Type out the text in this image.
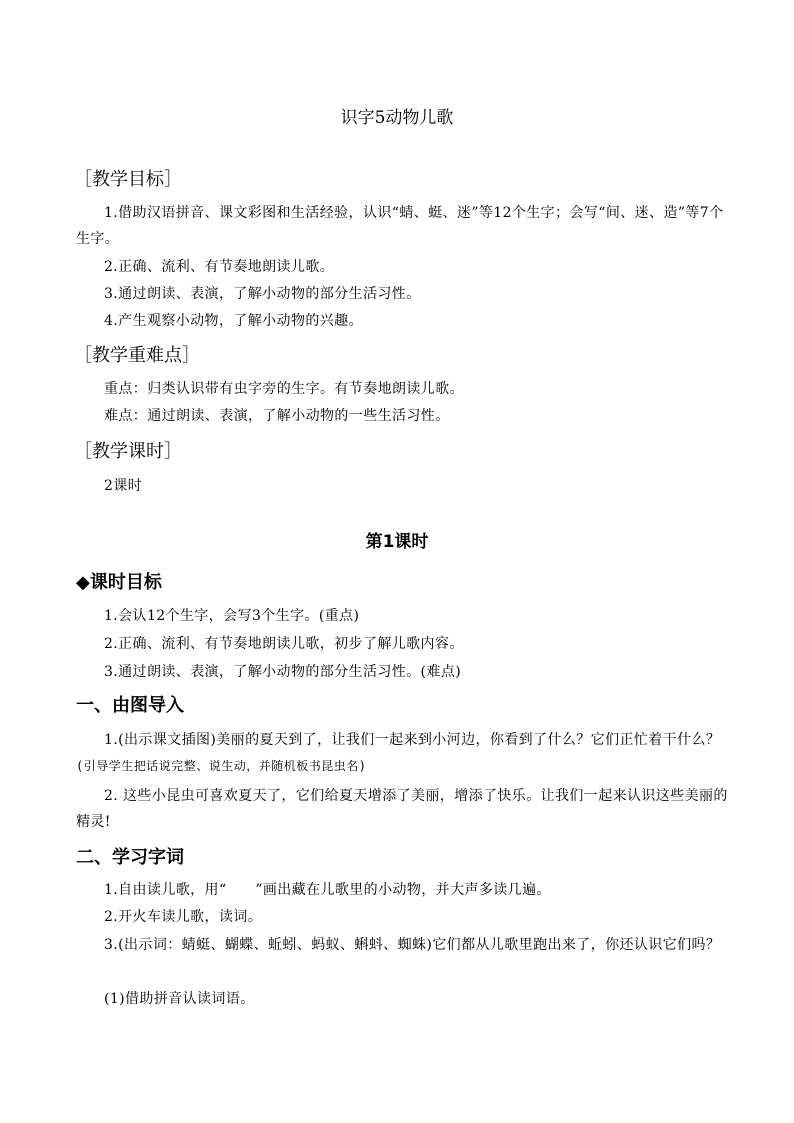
识字5动物儿歌
［教学目标］
1.借助汉语拼音、课文彩图和生活经验，认识“蜻、蜓、迷”等12个生字；会写“间、迷、造”等7个生字。
2.正确、流利、有节奏地朗读儿歌。
3.通过朗读、表演，了解小动物的部分生活习性。
4.产生观察小动物，了解小动物的兴趣。
［教学重难点］
重点：归类认识带有虫字旁的生字。有节奏地朗读儿歌。
难点：通过朗读、表演，了解小动物的一些生活习性。
［教学课时］
2课时
第1课时
◆课时目标
1.会认12个生字，会写3个生字。(重点)
2.正确、流利、有节奏地朗读儿歌，初步了解儿歌内容。
3.通过朗读、表演，了解小动物的部分生活习性。(难点)
一、由图导入
1.(出示课文插图)美丽的夏天到了，让我们一起来到小河边，你看到了什么？它们正忙着干什么？(引导学生把话说完整、说生动，并随机板书昆虫名)
2. 这些小昆虫可喜欢夏天了，它们给夏天增添了美丽，增添了快乐。让我们一起来认识这些美丽的精灵!
二、学习字词
1.自由读儿歌，用“　　”画出藏在儿歌里的小动物，并大声多读几遍。
2.开火车读儿歌，读词。
3.(出示词：蜻蜓、蝴蝶、蚯蚓、蚂蚁、蝌蚪、蜘蛛)它们都从儿歌里跑出来了，你还认识它们吗？
(1)借助拼音认读词语。
